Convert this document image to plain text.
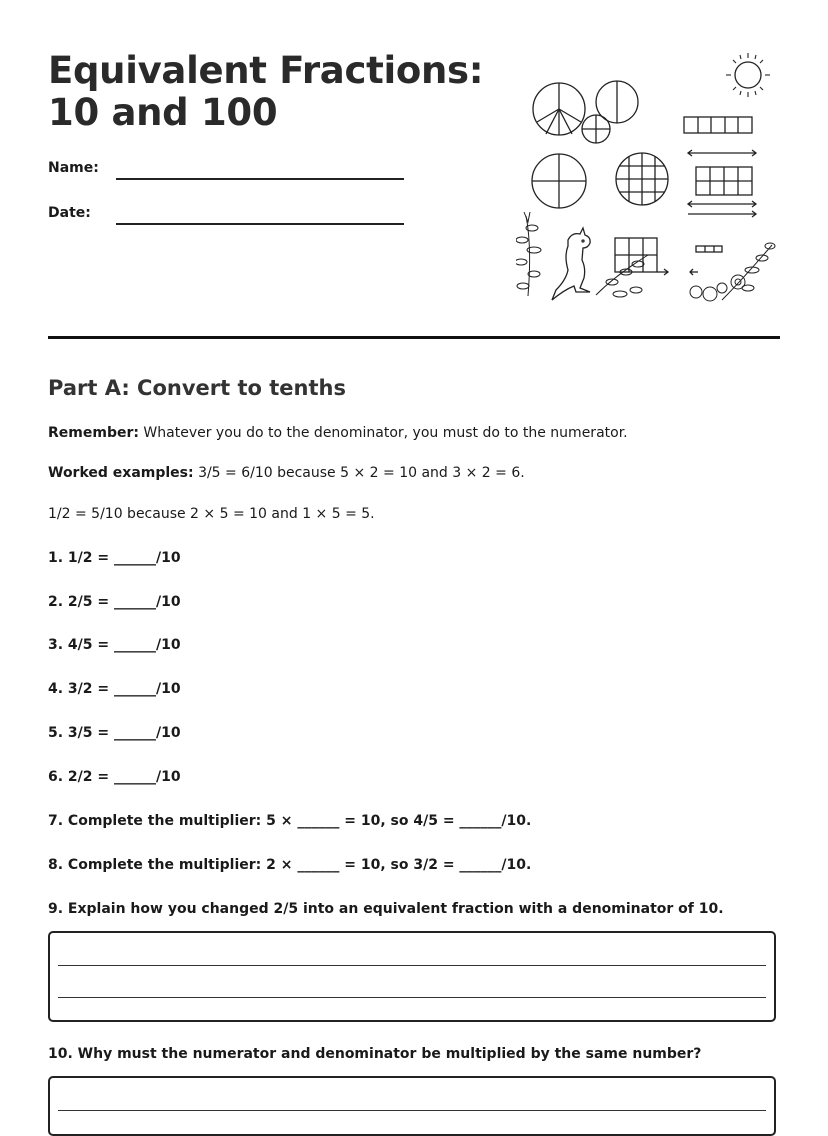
Equivalent Fractions: 10 and 100
Name:
Date:
Part A: Convert to tenths
Remember: Whatever you do to the denominator, you must do to the numerator.
Worked examples: 3/5 = 6/10 because 5 × 2 = 10 and 3 × 2 = 6.
1/2 = 5/10 because 2 × 5 = 10 and 1 × 5 = 5.
1. 1/2 = ______/10
2. 2/5 = ______/10
3. 4/5 = ______/10
4. 3/2 = ______/10
5. 3/5 = ______/10
6. 2/2 = ______/10
7. Complete the multiplier: 5 × ______ = 10, so 4/5 = ______/10.
8. Complete the multiplier: 2 × ______ = 10, so 3/2 = ______/10.
9. Explain how you changed 2/5 into an equivalent fraction with a denominator of 10.
10. Why must the numerator and denominator be multiplied by the same number?
